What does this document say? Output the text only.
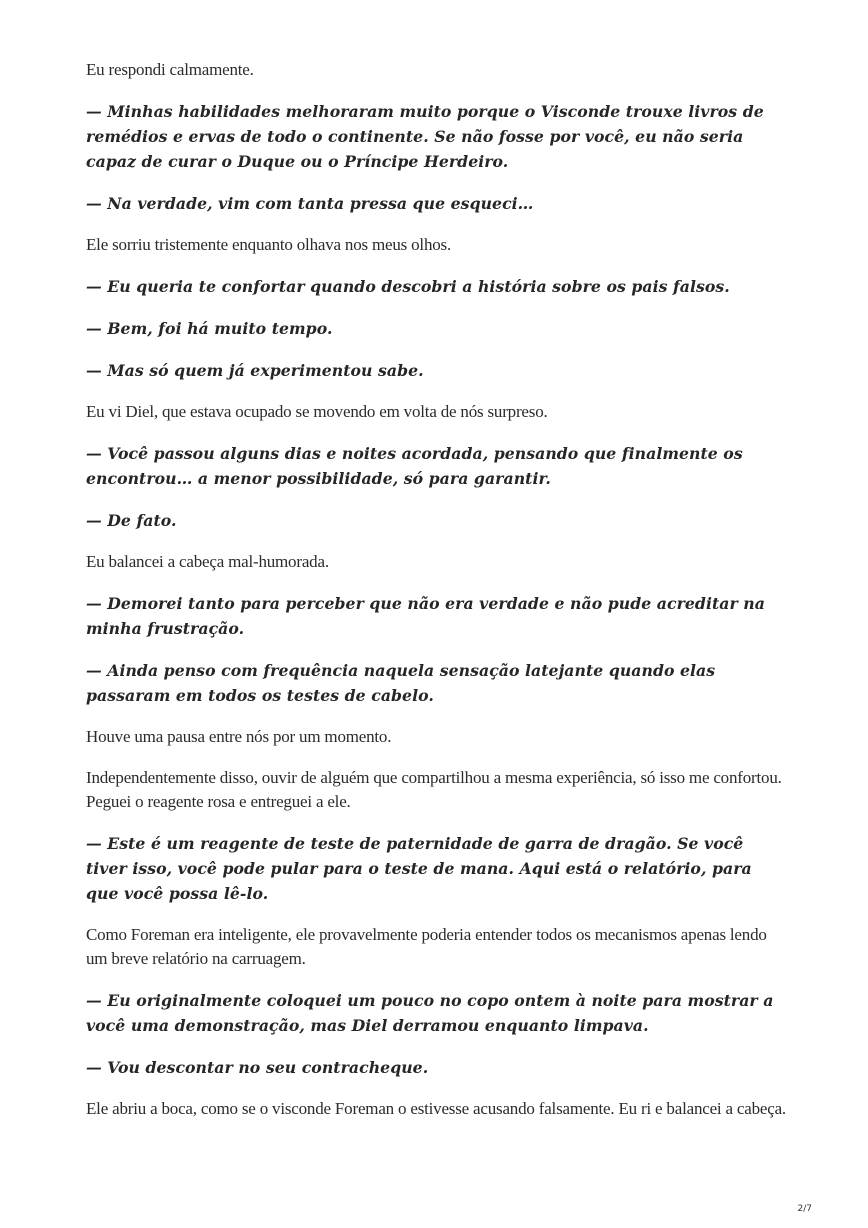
Eu respondi calmamente.

— Minhas habilidades melhoraram muito porque o Visconde trouxe livros de remédios e ervas de todo o continente. Se não fosse por você, eu não seria capaz de curar o Duque ou o Príncipe Herdeiro.

— Na verdade, vim com tanta pressa que esqueci…

Ele sorriu tristemente enquanto olhava nos meus olhos.

— Eu queria te confortar quando descobri a história sobre os pais falsos.

— Bem, foi há muito tempo.

— Mas só quem já experimentou sabe.

Eu vi Diel, que estava ocupado se movendo em volta de nós surpreso.

— Você passou alguns dias e noites acordada, pensando que finalmente os encontrou… a menor possibilidade, só para garantir.

— De fato.

Eu balancei a cabeça mal-humorada.

— Demorei tanto para perceber que não era verdade e não pude acreditar na minha frustração.

— Ainda penso com frequência naquela sensação latejante quando elas passaram em todos os testes de cabelo.

Houve uma pausa entre nós por um momento.

Independentemente disso, ouvir de alguém que compartilhou a mesma experiência, só isso me confortou. Peguei o reagente rosa e entreguei a ele.

— Este é um reagente de teste de paternidade de garra de dragão. Se você tiver isso, você pode pular para o teste de mana. Aqui está o relatório, para que você possa lê-lo.

Como Foreman era inteligente, ele provavelmente poderia entender todos os mecanismos apenas lendo um breve relatório na carruagem.

— Eu originalmente coloquei um pouco no copo ontem à noite para mostrar a você uma demonstração, mas Diel derramou enquanto limpava.

— Vou descontar no seu contracheque.

Ele abriu a boca, como se o visconde Foreman o estivesse acusando falsamente. Eu ri e balancei a cabeça.

2/7
